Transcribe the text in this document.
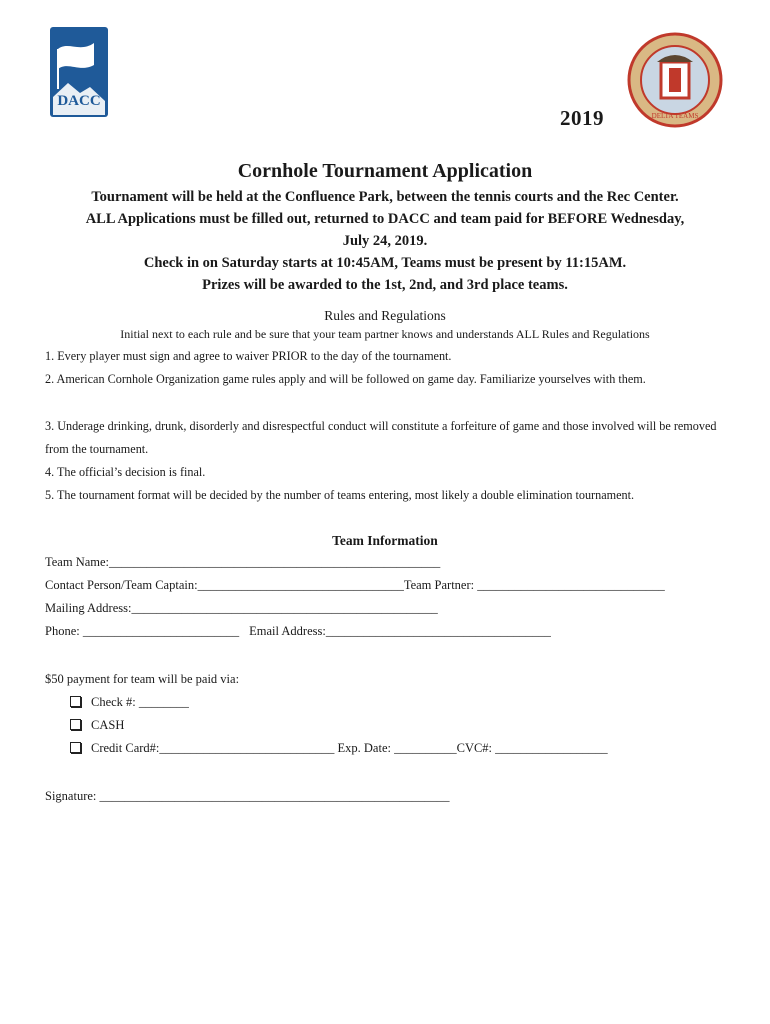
DACC
DELTA TEAMS
2019
Cornhole Tournament Application
Tournament will be held at the Confluence Park, between the tennis courts and the Rec Center.
ALL Applications must be filled out, returned to DACC and team paid for BEFORE Wednesday,
July 24, 2019.
Check in on Saturday starts at 10:45AM, Teams must be present by 11:15AM.
Prizes will be awarded to the 1st, 2nd, and 3rd place teams.
Rules and Regulations
Initial next to each rule and be sure that your team partner knows and understands ALL Rules and Regulations
1. Every player must sign and agree to waiver PRIOR to the day of the tournament.
2. American Cornhole Organization game rules apply and will be followed on game day. Familiarize yourselves with them.
3. Underage drinking, drunk, disorderly and disrespectful conduct will constitute a forfeiture of game and those involved will be removed from the tournament.
4. The official’s decision is final.
5. The tournament format will be decided by the number of teams entering, most likely a double elimination tournament.
Team Information
Team Name:_____________________________________________________
Contact Person/Team Captain:_________________________________Team Partner: ______________________________
Mailing Address:_________________________________________________
Phone: _________________________ Email Address:____________________________________
$50 payment for team will be paid via:
Check #: ________
CASH
Credit Card#:____________________________ Exp. Date: __________CVC#: __________________
Signature: ________________________________________________________
